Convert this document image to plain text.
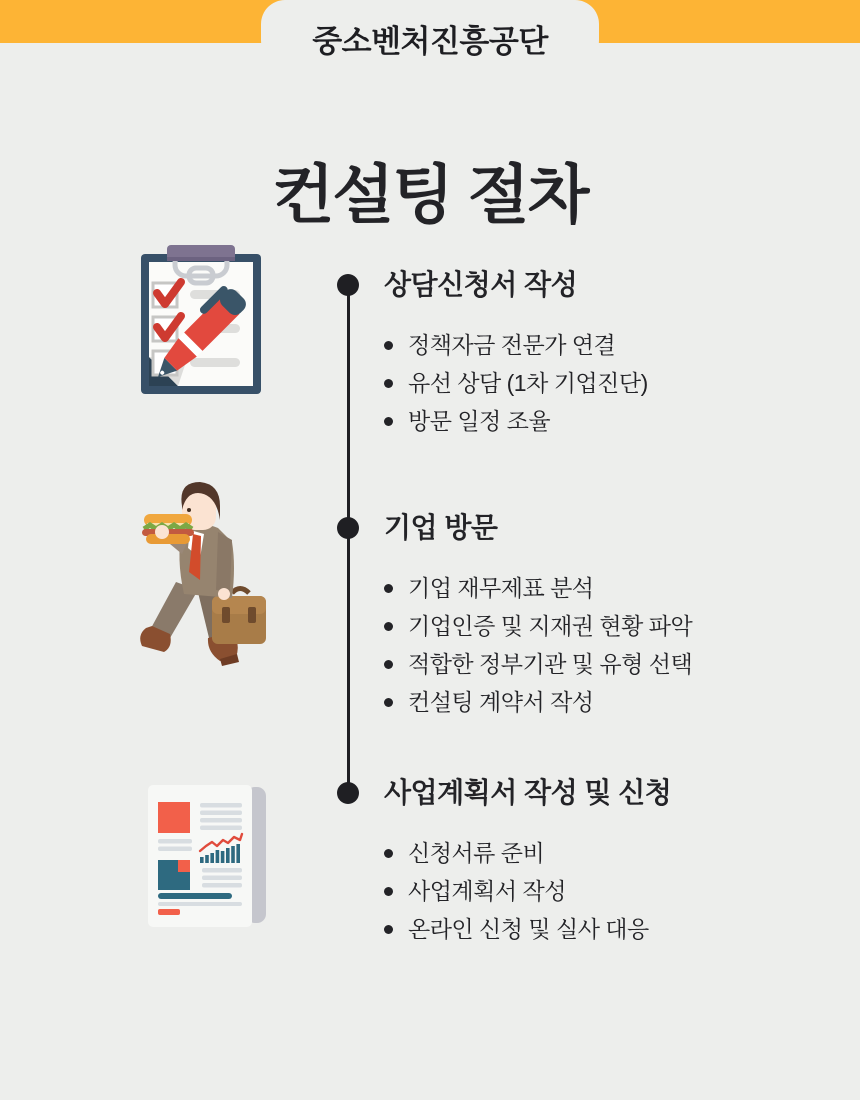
중소벤처진흥공단
컨설팅 절차
상담신청서 작성
정책자금 전문가 연결
유선 상담 (1차 기업진단)
방문 일정 조율
기업 방문
기업 재무제표 분석
기업인증 및 지재권 현황 파악
적합한 정부기관 및 유형 선택
컨설팅 계약서 작성
사업계획서 작성 및 신청
신청서류 준비
사업계획서 작성
온라인 신청 및 실사 대응
